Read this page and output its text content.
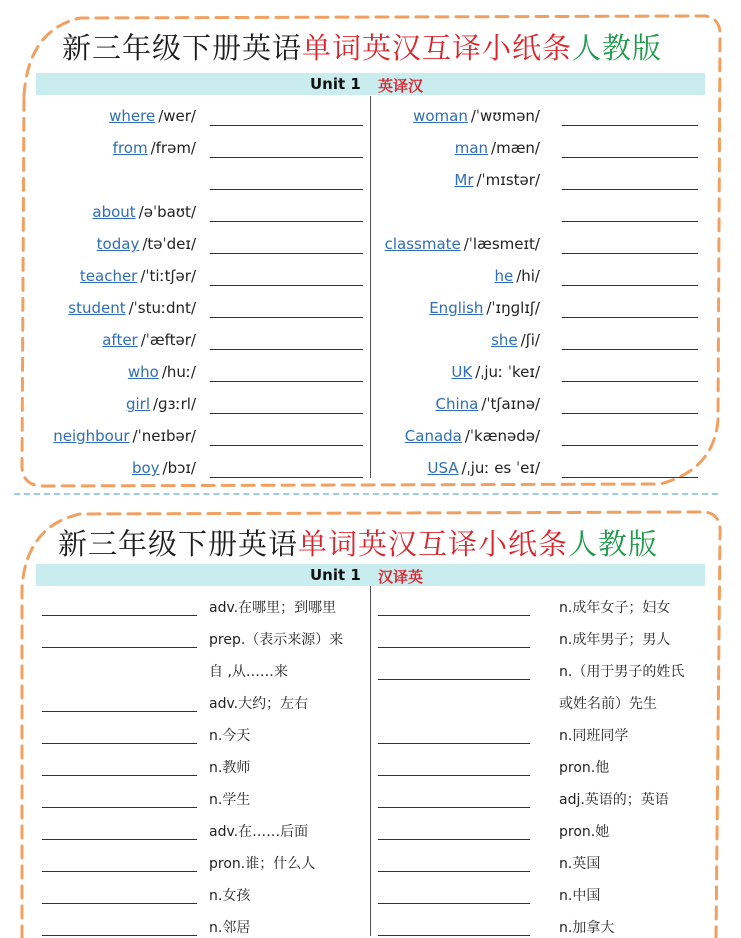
新三年级下册英语单词英汉互译小纸条人教版
Unit 1 英译汉
where /wer/
from /frəm/
about /əˈbaʊt/
today /təˈdeɪ/
teacher /ˈtiːtʃər/
student /ˈstuːdnt/
after /ˈæftər/
who /huː/
girl /ɡɜːrl/
neighbour /ˈneɪbər/
boy /bɔɪ/
woman /ˈwʊmən/
man /mæn/
Mr /ˈmɪstər/
classmate /ˈlæsmeɪt/
he /hi/
English /ˈɪŋɡlɪʃ/
she /ʃi/
UK /ˌjuː ˈkeɪ/
China /ˈtʃaɪnə/
Canada /ˈkænədə/
USA /ˌjuː es ˈeɪ/
新三年级下册英语单词英汉互译小纸条人教版
Unit 1 汉译英
adv.在哪里；到哪里
prep.（表示来源）来
自 ,从……来
adv.大约；左右
n.今天
n.教师
n.学生
adv.在……后面
pron.谁；什么人
n.女孩
n.邻居
n.成年女子；妇女
n.成年男子；男人
n.（用于男子的姓氏
或姓名前）先生
n.同班同学
pron.他
adj.英语的；英语
pron.她
n.英国
n.中国
n.加拿大
